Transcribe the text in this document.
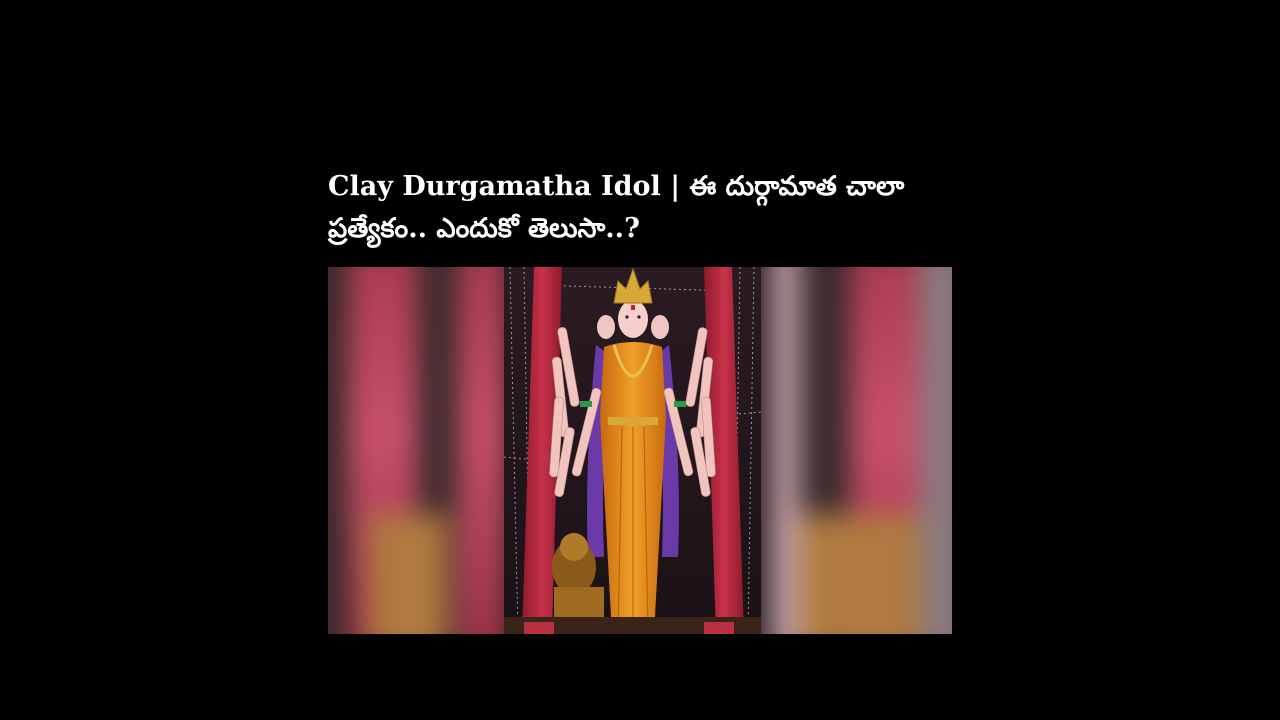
Clay Durgamatha Idol | ఈ దుర్గామాత చాలా ప్రత్యేకం.. ఎందుకో తెలుసా..?
